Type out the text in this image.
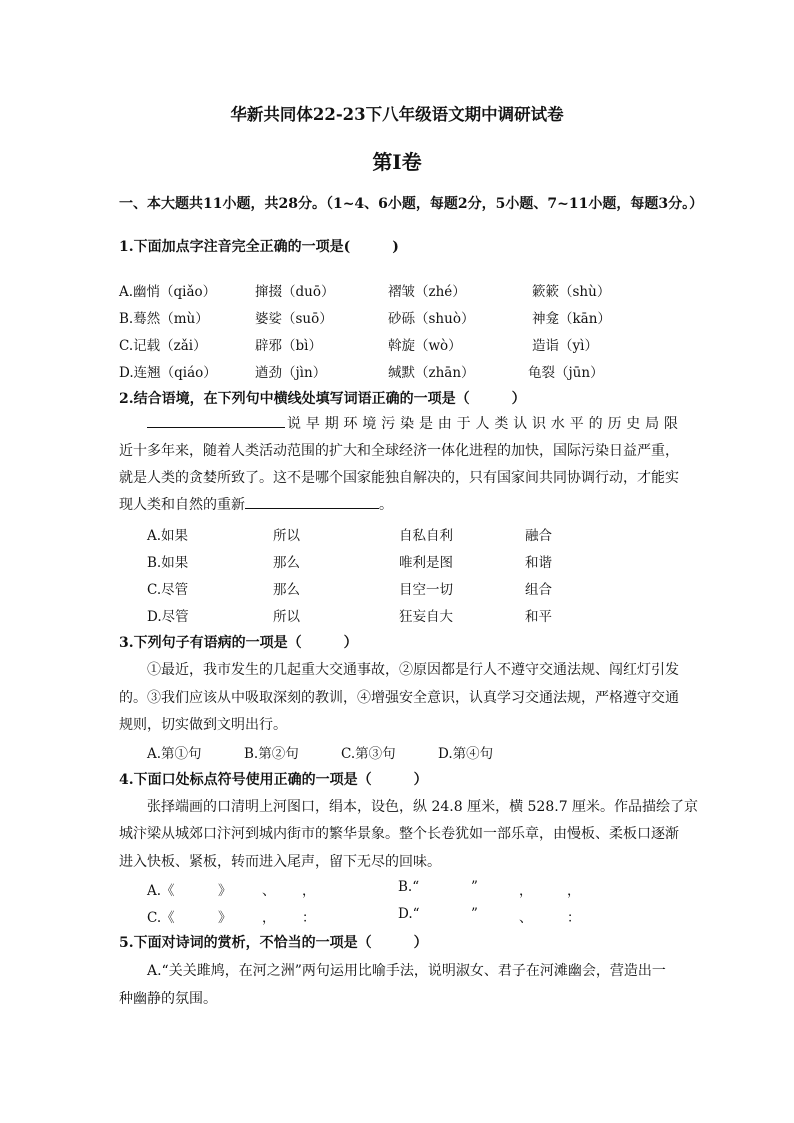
华新共同体22-23下八年级语文期中调研试卷
第I卷
一、本大题共11小题，共28分。（1~4、6小题，每题2分，5小题、7~11小题，每题3分。）
1.下面加点字注音完全正确的一项是(　　　)
A.幽悄（qiǎo）	撺掇（duō）	褶皱（zhé）	簌簌（shù）
B.蓦然（mù）	婆娑（suō）	砂砾（shuò）	神龛（kān）
C.记载（zǎi）	辟邪（bì）	斡旋（wò）	造诣（yì）
D.连翘（qiáo）	遒劲（jìn）	缄默（zhān）	龟裂（jūn）
2.结合语境，在下列句中横线处填写词语正确的一项是（　　　）
说 早 期 环 境 污 染 是 由 于 人 类 认 识 水 平 的 历 史 局 限
近十多年来，随着人类活动范围的扩大和全球经济一体化进程的加快，国际污染日益严重，
就是人类的贪婪所致了。这不是哪个国家能独自解决的，只有国家间共同协调行动，才能实
现人类和自然的重新	。
A.如果	所以	自私自利	融合
B.如果	那么	唯利是图	和谐
C.尽管	那么	目空一切	组合
D.尽管	所以	狂妄自大	和平
3.下列句子有语病的一项是（　　　）
①最近，我市发生的几起重大交通事故，②原因都是行人不遵守交通法规、闯红灯引发
的。③我们应该从中吸取深刻的教训，④增强安全意识，认真学习交通法规，严格遵守交通
规则，切实做到文明出行。
A.第①句	B.第②句	C.第③句	D.第④句
4.下面口处标点符号使用正确的一项是（　　　）
张择端画的口清明上河图口，绢本，设色，纵 24.8 厘米，横 528.7 厘米。作品描绘了京
城汴梁从城郊口汴河到城内街市的繁华景象。整个长卷犹如一部乐章，由慢板、柔板口逐渐
进入快板、紧板，转而进入尾声，留下无尽的回味。
A.《	》 、 ，	B.“	”	，	，
C.《	》 ， ：	D.“	”	、	：
5.下面对诗词的赏析，不恰当的一项是（　　　）
A.“关关雎鸠，在河之洲”两句运用比喻手法，说明淑女、君子在河滩幽会，营造出一
种幽静的氛围。
